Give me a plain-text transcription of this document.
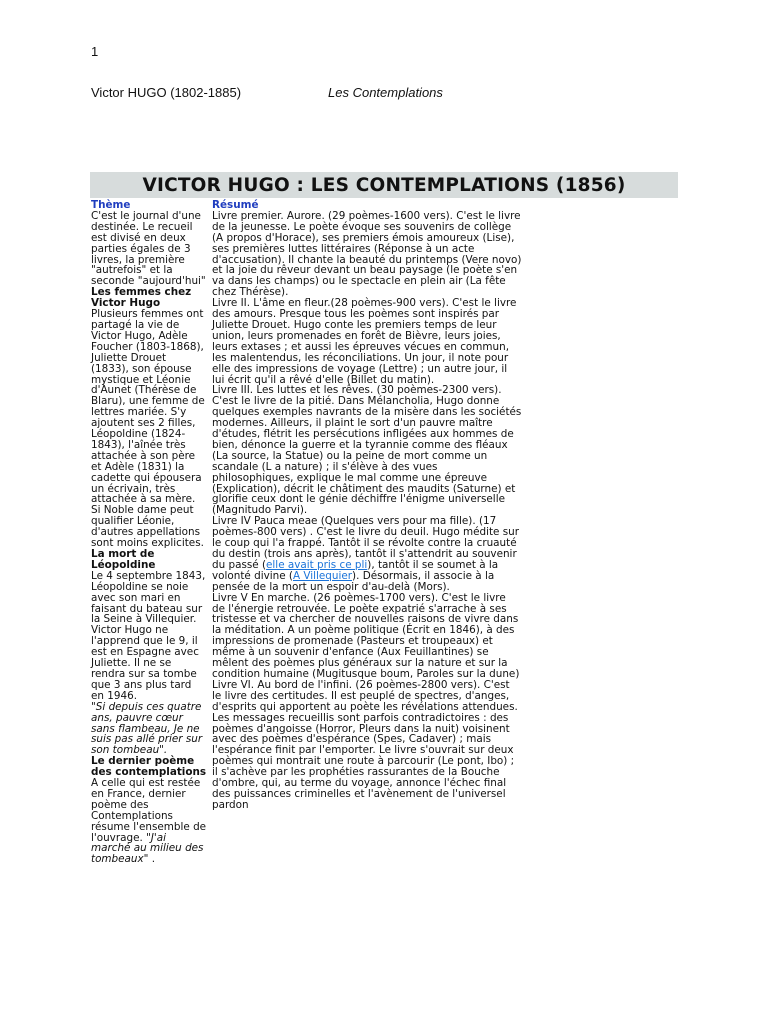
1
Victor HUGO (1802-1885)	Les Contemplations
VICTOR HUGO : LES CONTEMPLATIONS (1856)
Thème

C'est le journal d'une destinée. Le recueil est divisé en deux parties égales de 3 livres, la première "autrefois" et la seconde "aujourd'hui"

Les femmes chez Victor Hugo

Plusieurs femmes ont partagé la vie de Victor Hugo, Adèle Foucher (1803-1868), Juliette Drouet (1833), son épouse mystique et Léonie d'Aunet (Thérèse de Blaru), une femme de lettres mariée. S'y ajoutent ses 2 filles, Léopoldine (1824-1843), l'aînée très attachée à son père et Adèle (1831) la cadette qui épousera un écrivain, très attachée à sa mère. Si Noble dame peut qualifier Léonie, d'autres appellations sont moins explicites.

La mort de Léopoldine

Le 4 septembre 1843, Léopoldine se noie avec son mari en faisant du bateau sur la Seine à Villequier. Victor Hugo ne l'apprend que le 9, il est en Espagne avec Juliette. Il ne se rendra sur sa tombe que 3 ans plus tard en 1946.

"Si depuis ces quatre ans, pauvre cœur sans flambeau, Je ne suis pas allé prier sur son tombeau".

Le dernier poème des contemplations

A celle qui est restée en France, dernier poème des Contemplations résume l'ensemble de l'ouvrage. "J'ai marché au milieu des tombeaux" .

Résumé

Livre premier. Aurore. (29 poèmes-1600 vers). C'est le livre de la jeunesse. Le poète évoque ses souvenirs de collège (A propos d'Horace), ses premiers émois amoureux (Lise), ses premières luttes littéraires (Réponse à un acte d'accusation). Il chante la beauté du printemps (Vere novo) et la joie du rêveur devant un beau paysage (le poète s'en va dans les champs) ou le spectacle en plein air (La fête chez Thérèse).

Livre II. L'âme en fleur.(28 poèmes-900 vers). C'est le livre des amours. Presque tous les poèmes sont inspirés par Juliette Drouet. Hugo conte les premiers temps de leur union, leurs promenades en forêt de Bièvre, leurs joies, leurs extases ; et aussi les épreuves vécues en commun, les malentendus, les réconciliations. Un jour, il note pour elle des impressions de voyage (Lettre) ; un autre jour, il lui écrit qu'il a rêvé d'elle (Billet du matin).

Livre III. Les luttes et les rêves. (30 poèmes-2300 vers). C'est le livre de la pitié. Dans Mélancholia, Hugo donne quelques exemples navrants de la misère dans les sociétés modernes. Ailleurs, il plaint le sort d'un pauvre maître d'études, flétrit les persécutions infligées aux hommes de bien, dénonce la guerre et la tyrannie comme des fléaux (La source, la Statue) ou la peine de mort comme un scandale (L a nature) ; il s'élève à des vues philosophiques, explique le mal comme une épreuve (Explication), décrit le châtiment des maudits (Saturne) et glorifie ceux dont le génie déchiffre l'énigme universelle (Magnitudo Parvi).

Livre IV Pauca meae (Quelques vers pour ma fille). (17 poèmes-800 vers) . C'est le livre du deuil. Hugo médite sur le coup qui l'a frappé. Tantôt il se révolte contre la cruauté du destin (trois ans après), tantôt il s'attendrit au souvenir du passé (elle avait pris ce pli), tantôt il se soumet à la volonté divine (A Villequier). Désormais, il associe à la pensée de la mort un espoir d'au-delà (Mors).

Livre V En marche. (26 poèmes-1700 vers). C'est le livre de l'énergie retrouvée. Le poète expatrié s'arrache à ses tristesse et va chercher de nouvelles raisons de vivre dans la méditation. A un poème politique (Écrit en 1846), à des impressions de promenade (Pasteurs et troupeaux) et même à un souvenir d'enfance (Aux Feuillantines) se mêlent des poèmes plus généraux sur la nature et sur la condition humaine (Mugitusque boum, Paroles sur la dune)

Livre VI. Au bord de l'infini. (26 poèmes-2800 vers). C'est le livre des certitudes. Il est peuplé de spectres, d'anges, d'esprits qui apportent au poète les révélations attendues. Les messages recueillis sont parfois contradictoires : des poèmes d'angoisse (Horror, Pleurs dans la nuit) voisinent avec des poèmes d'espérance (Spes, Cadaver) ; mais l'espérance finit par l'emporter. Le livre s'ouvrait sur deux poèmes qui montrait une route à parcourir (Le pont, Ibo) ; il s'achève par les prophéties rassurantes de la Bouche d'ombre, qui, au terme du voyage, annonce l'échec final des puissances criminelles et l'avènement de l'universel pardon
